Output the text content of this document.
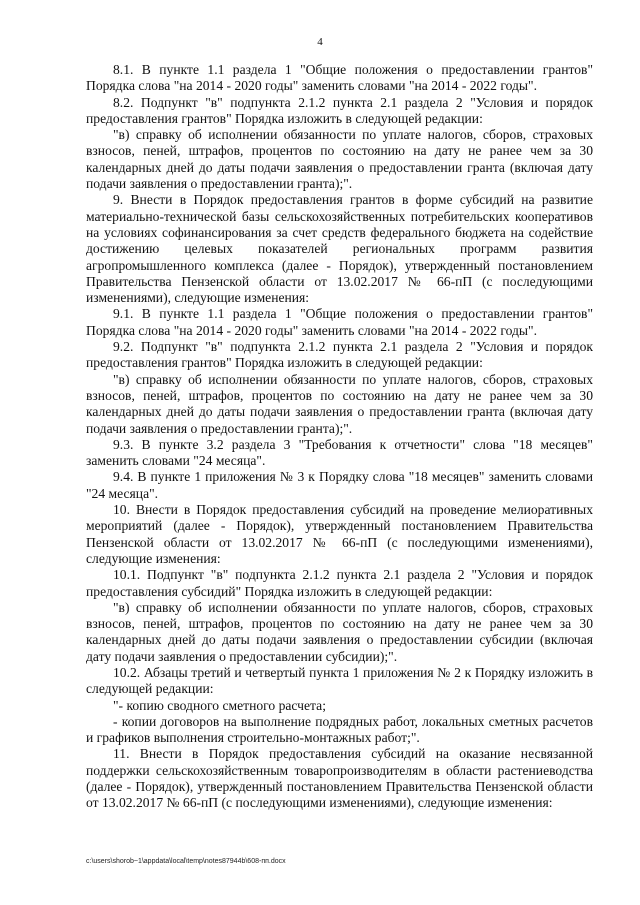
4

8.1. В пункте 1.1 раздела 1 "Общие положения о предоставлении грантов" Порядка слова "на 2014 - 2020 годы" заменить словами "на 2014 - 2022 годы".

8.2. Подпункт "в" подпункта 2.1.2 пункта 2.1 раздела 2 "Условия и порядок предоставления грантов" Порядка изложить в следующей редакции:

"в) справку об исполнении обязанности по уплате налогов, сборов, страховых взносов, пеней, штрафов, процентов по состоянию на дату не ранее чем за 30 календарных дней до даты подачи заявления о предоставлении гранта (включая дату подачи заявления о предоставлении гранта);".

9. Внести в Порядок предоставления грантов в форме субсидий на развитие материально-технической базы сельскохозяйственных потребительских кооперативов на условиях софинансирования за счет средств федерального бюджета на содействие достижению целевых показателей региональных программ развития агропромышленного комплекса (далее - Порядок), утвержденный постановлением Правительства Пензенской области от 13.02.2017 № 66-пП (с последующими изменениями), следующие изменения:

9.1. В пункте 1.1 раздела 1 "Общие положения о предоставлении грантов" Порядка слова "на 2014 - 2020 годы" заменить словами "на 2014 - 2022 годы".

9.2. Подпункт "в" подпункта 2.1.2 пункта 2.1 раздела 2 "Условия и порядок предоставления грантов" Порядка изложить в следующей редакции:

"в) справку об исполнении обязанности по уплате налогов, сборов, страховых взносов, пеней, штрафов, процентов по состоянию на дату не ранее чем за 30 календарных дней до даты подачи заявления о предоставлении гранта (включая дату подачи заявления о предоставлении гранта);".

9.3. В пункте 3.2 раздела 3 "Требования к отчетности" слова "18 месяцев" заменить словами "24 месяца".

9.4. В пункте 1 приложения № 3 к Порядку слова "18 месяцев" заменить словами "24 месяца".

10. Внести в Порядок предоставления субсидий на проведение мелиоративных мероприятий (далее - Порядок), утвержденный постановлением Правительства Пензенской области от 13.02.2017 № 66-пП (с последующими изменениями), следующие изменения:

10.1. Подпункт "в" подпункта 2.1.2 пункта 2.1 раздела 2 "Условия и порядок предоставления субсидий" Порядка изложить в следующей редакции:

"в) справку об исполнении обязанности по уплате налогов, сборов, страховых взносов, пеней, штрафов, процентов по состоянию на дату не ранее чем за 30 календарных дней до даты подачи заявления о предоставлении субсидии (включая дату подачи заявления о предоставлении субсидии);".

10.2. Абзацы третий и четвертый пункта 1 приложения № 2 к Порядку изложить в следующей редакции:

"- копию сводного сметного расчета;

- копии договоров на выполнение подрядных работ, локальных сметных расчетов и графиков выполнения строительно-монтажных работ;".

11. Внести в Порядок предоставления субсидий на оказание несвязанной поддержки сельскохозяйственным товаропроизводителям в области растениеводства (далее - Порядок), утвержденный постановлением Правительства Пензенской области от 13.02.2017 № 66-пП (с последующими изменениями), следующие изменения:

c:\users\shorob~1\appdata\local\temp\notes87944b\608-пп.docx
